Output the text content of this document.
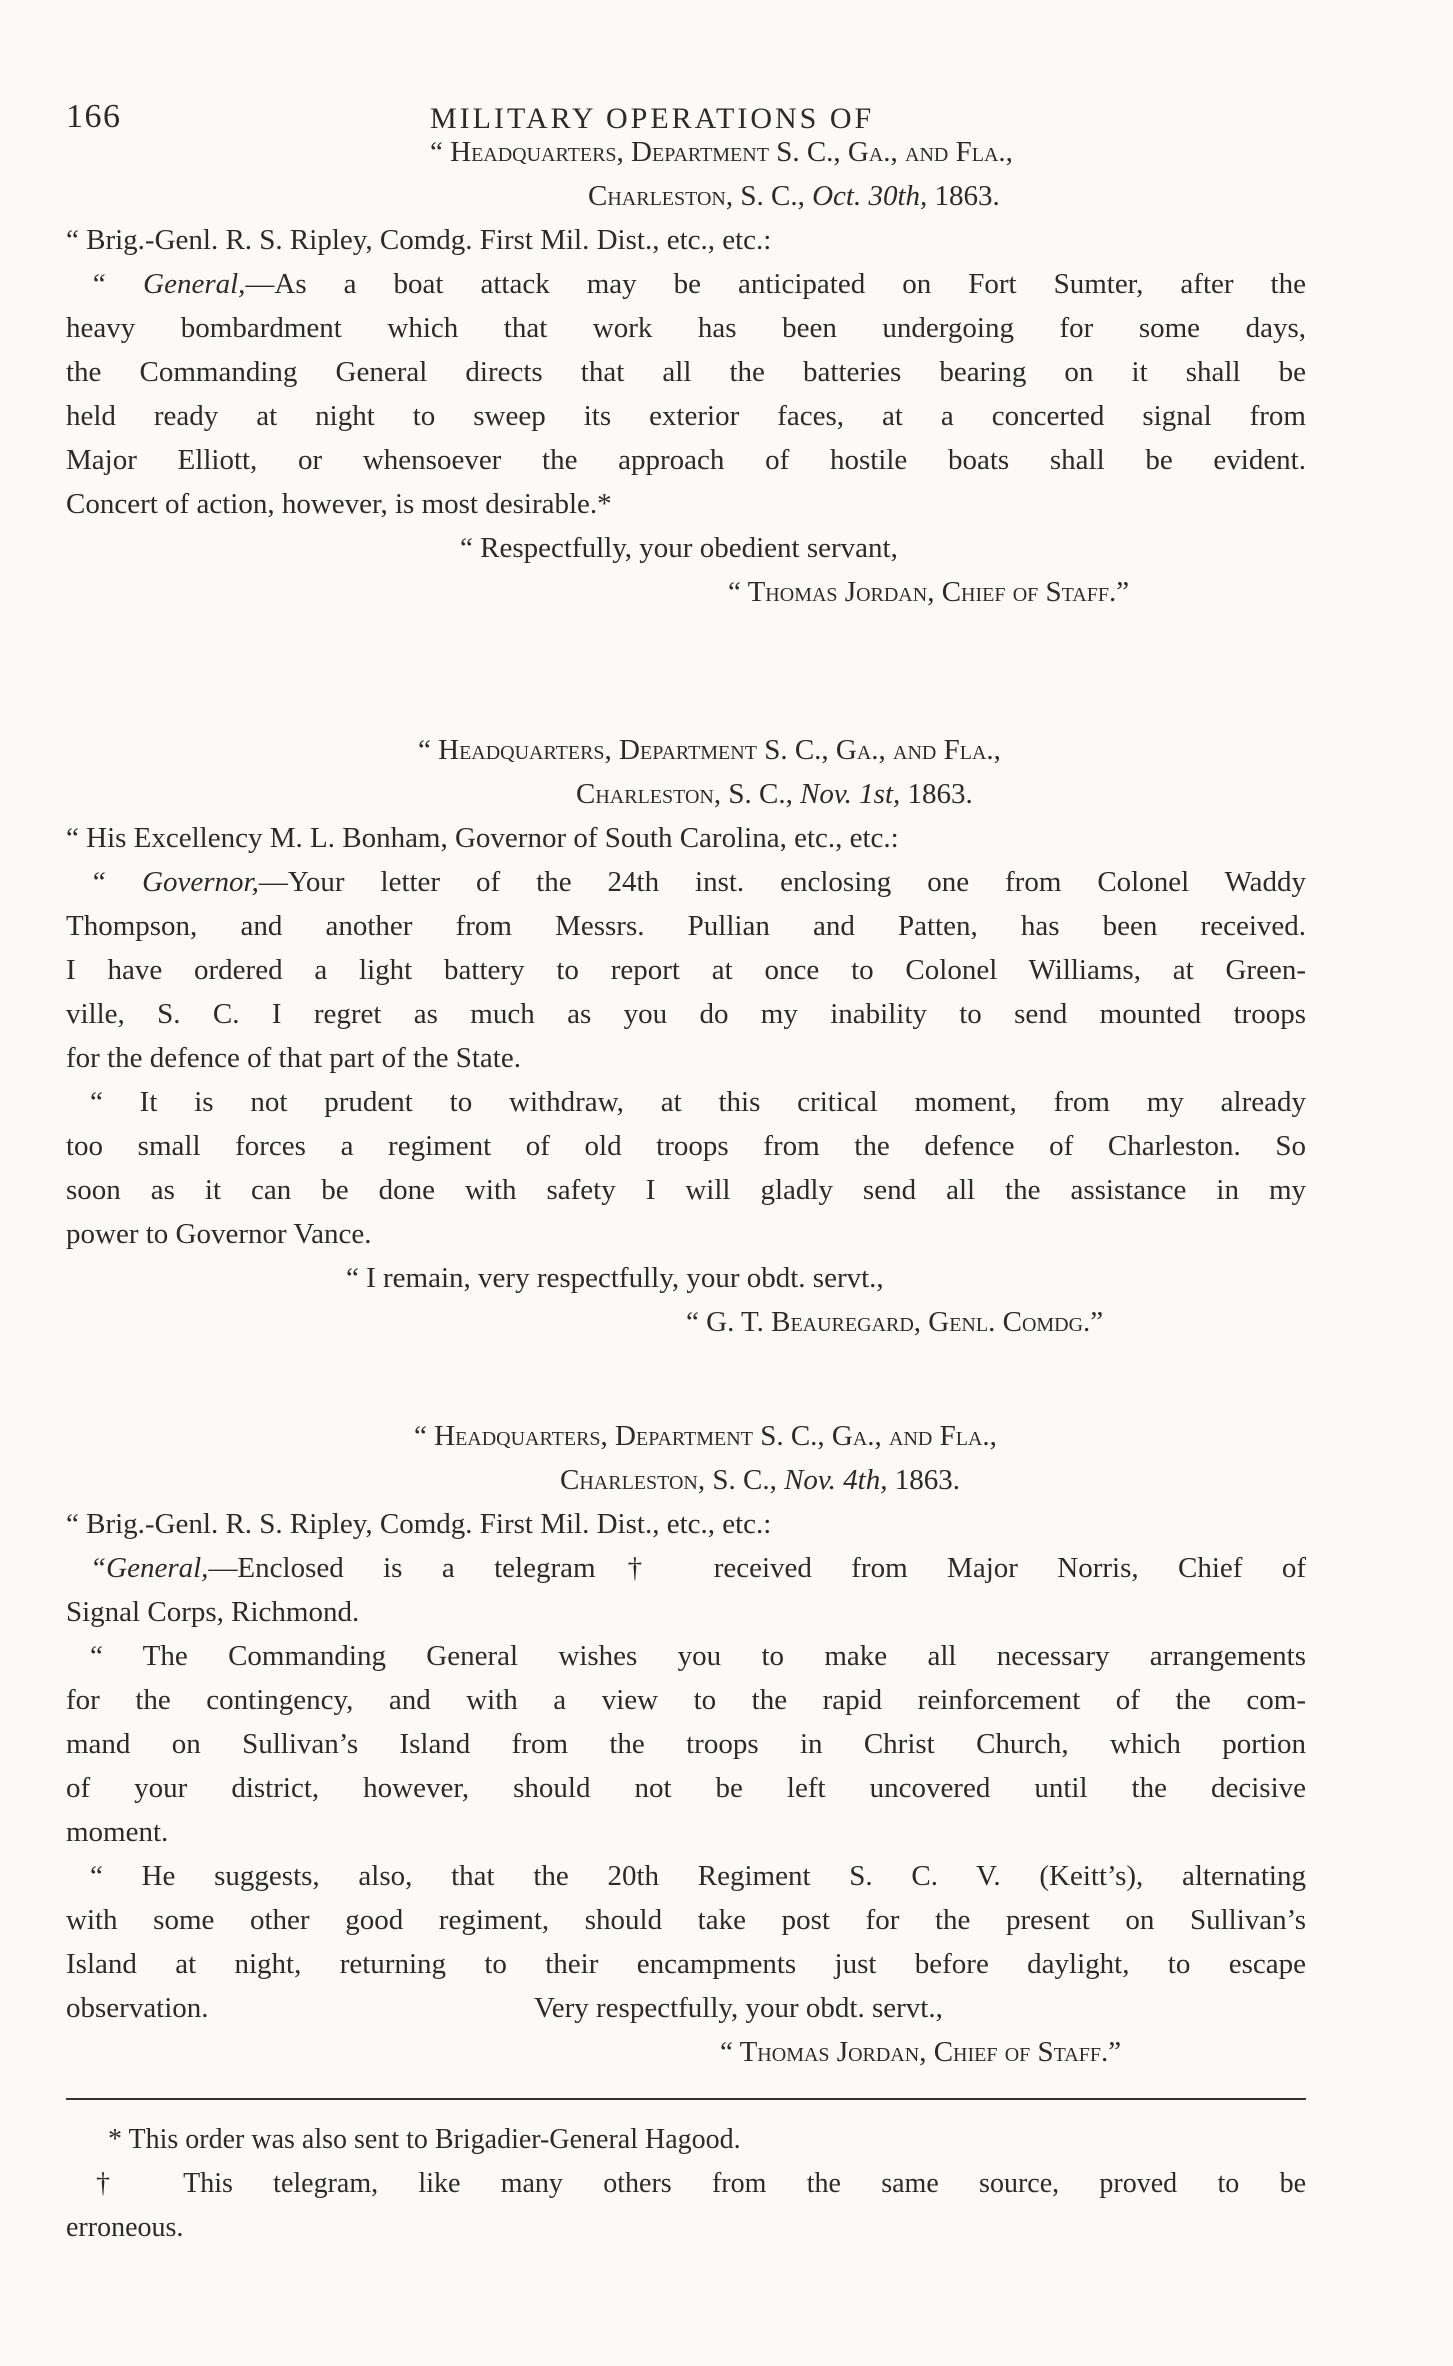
166	MILITARY OPERATIONS OF

“ Headquarters, Department S. C., Ga., and Fla.,

Charleston, S. C., Oct. 30th, 1863.

“ Brig.-Genl. R. S. Ripley, Comdg. First Mil. Dist., etc., etc.:

“ General,—As a boat attack may be anticipated on Fort Sumter, after the

heavy bombardment which that work has been undergoing for some days,

the Commanding General directs that all the batteries bearing on it shall be

held ready at night to sweep its exterior faces, at a concerted signal from

Major Elliott, or whensoever the approach of hostile boats shall be evident.

Concert of action, however, is most desirable.*

“ Respectfully, your obedient servant,

“ Thomas Jordan, Chief of Staff.”

“ Headquarters, Department S. C., Ga., and Fla.,

Charleston, S. C., Nov. 1st, 1863.

“ His Excellency M. L. Bonham, Governor of South Carolina, etc., etc.:

“ Governor,—Your letter of the 24th inst. enclosing one from Colonel Waddy

Thompson, and another from Messrs. Pullian and Patten, has been received.

I have ordered a light battery to report at once to Colonel Williams, at Green-

ville, S. C. I regret as much as you do my inability to send mounted troops

for the defence of that part of the State.

“ It is not prudent to withdraw, at this critical moment, from my already

too small forces a regiment of old troops from the defence of Charleston. So

soon as it can be done with safety I will gladly send all the assistance in my

power to Governor Vance.

“ I remain, very respectfully, your obdt. servt.,

“ G. T. Beauregard, Genl. Comdg.”

“ Headquarters, Department S. C., Ga., and Fla.,

Charleston, S. C., Nov. 4th, 1863.

“ Brig.-Genl. R. S. Ripley, Comdg. First Mil. Dist., etc., etc.:

“General,—Enclosed is a telegram† received from Major Norris, Chief of

Signal Corps, Richmond.

“ The Commanding General wishes you to make all necessary arrangements

for the contingency, and with a view to the rapid reinforcement of the com-

mand on Sullivan’s Island from the troops in Christ Church, which portion

of your district, however, should not be left uncovered until the decisive

moment.

“ He suggests, also, that the 20th Regiment S. C. V. (Keitt’s), alternating

with some other good regiment, should take post for the present on Sullivan’s

Island at night, returning to their encampments just before daylight, to escape

observation.	Very respectfully, your obdt. servt.,

“ Thomas Jordan, Chief of Staff.”

* This order was also sent to Brigadier-General Hagood.

† This telegram, like many others from the same source, proved to be

erroneous.
